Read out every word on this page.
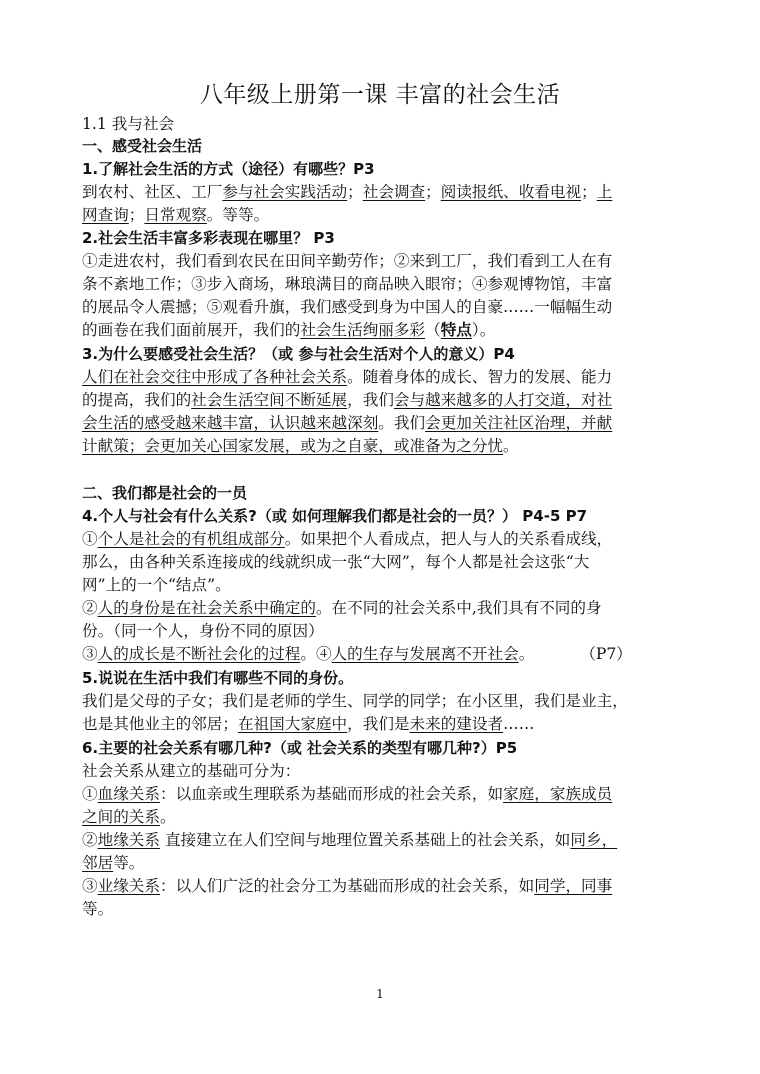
八年级上册第一课 丰富的社会生活
1.1 我与社会
一、感受社会生活
1.了解社会生活的方式（途径）有哪些？P3
到农村、社区、工厂参与社会实践活动；社会调查；阅读报纸、收看电视；上
网查询；日常观察。等等。
2.社会生活丰富多彩表现在哪里？ P3
①走进农村，我们看到农民在田间辛勤劳作；②来到工厂，我们看到工人在有
条不紊地工作；③步入商场，琳琅满目的商品映入眼帘；④参观博物馆，丰富
的展品令人震撼；⑤观看升旗，我们感受到身为中国人的自豪……一幅幅生动
的画卷在我们面前展开，我们的社会生活绚丽多彩（特点）。
3.为什么要感受社会生活？（或 参与社会生活对个人的意义）P4
人们在社会交往中形成了各种社会关系。随着身体的成长、智力的发展、能力
的提高，我们的社会生活空间不断延展，我们会与越来越多的人打交道，对社
会生活的感受越来越丰富，认识越来越深刻。我们会更加关注社区治理，并献
计献策；会更加关心国家发展，或为之自豪，或准备为之分忧。
二、我们都是社会的一员
4.个人与社会有什么关系?（或 如何理解我们都是社会的一员？） P4-5 P7
①个人是社会的有机组成部分。如果把个人看成点，把人与人的关系看成线，
那么，由各种关系连接成的线就织成一张“大网”，每个人都是社会这张“大
网”上的一个“结点”。
②人的身份是在社会关系中确定的。在不同的社会关系中,我们具有不同的身
份。（同一个人，身份不同的原因）
③人的成长是不断社会化的过程。④人的生存与发展离不开社会。	（P7）
5.说说在生活中我们有哪些不同的身份。
我们是父母的子女；我们是老师的学生、同学的同学；在小区里，我们是业主，
也是其他业主的邻居；在祖国大家庭中，我们是未来的建设者……
6.主要的社会关系有哪几种?（或 社会关系的类型有哪几种?）P5
社会关系从建立的基础可分为：
①血缘关系：以血亲或生理联系为基础而形成的社会关系，如家庭，家族成员
之间的关系。
②地缘关系 直接建立在人们空间与地理位置关系基础上的社会关系，如同乡，
邻居等。
③业缘关系：以人们广泛的社会分工为基础而形成的社会关系，如同学，同事
等。
1
